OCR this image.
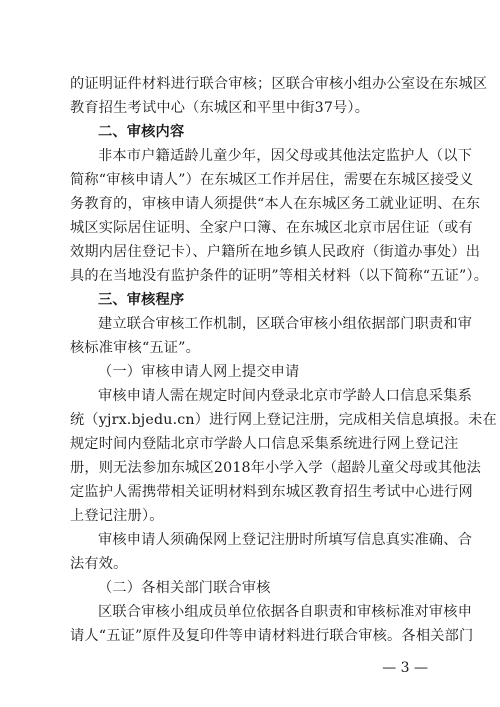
的证明证件材料进行联合审核；区联合审核小组办公室设在东城区
教育招生考试中心（东城区和平里中街37号）。
二、审核内容
非本市户籍适龄儿童少年，因父母或其他法定监护人（以下
简称“审核申请人”）在东城区工作并居住，需要在东城区接受义
务教育的，审核申请人须提供“本人在东城区务工就业证明、在东
城区实际居住证明、全家户口簿、在东城区北京市居住证（或有
效期内居住登记卡）、户籍所在地乡镇人民政府（街道办事处）出
具的在当地没有监护条件的证明”等相关材料（以下简称“五证”）。
三、审核程序
建立联合审核工作机制，区联合审核小组依据部门职责和审
核标准审核“五证”。
（一）审核申请人网上提交申请
审核申请人需在规定时间内登录北京市学龄人口信息采集系
统（yjrx.bjedu.cn）进行网上登记注册，完成相关信息填报。未在
规定时间内登陆北京市学龄人口信息采集系统进行网上登记注
册，则无法参加东城区2018年小学入学（超龄儿童父母或其他法
定监护人需携带相关证明材料到东城区教育招生考试中心进行网
上登记注册）。
审核申请人须确保网上登记注册时所填写信息真实准确、合
法有效。
（二）各相关部门联合审核
区联合审核小组成员单位依据各自职责和审核标准对审核申
请人“五证”原件及复印件等申请材料进行联合审核。各相关部门
— 3 —
